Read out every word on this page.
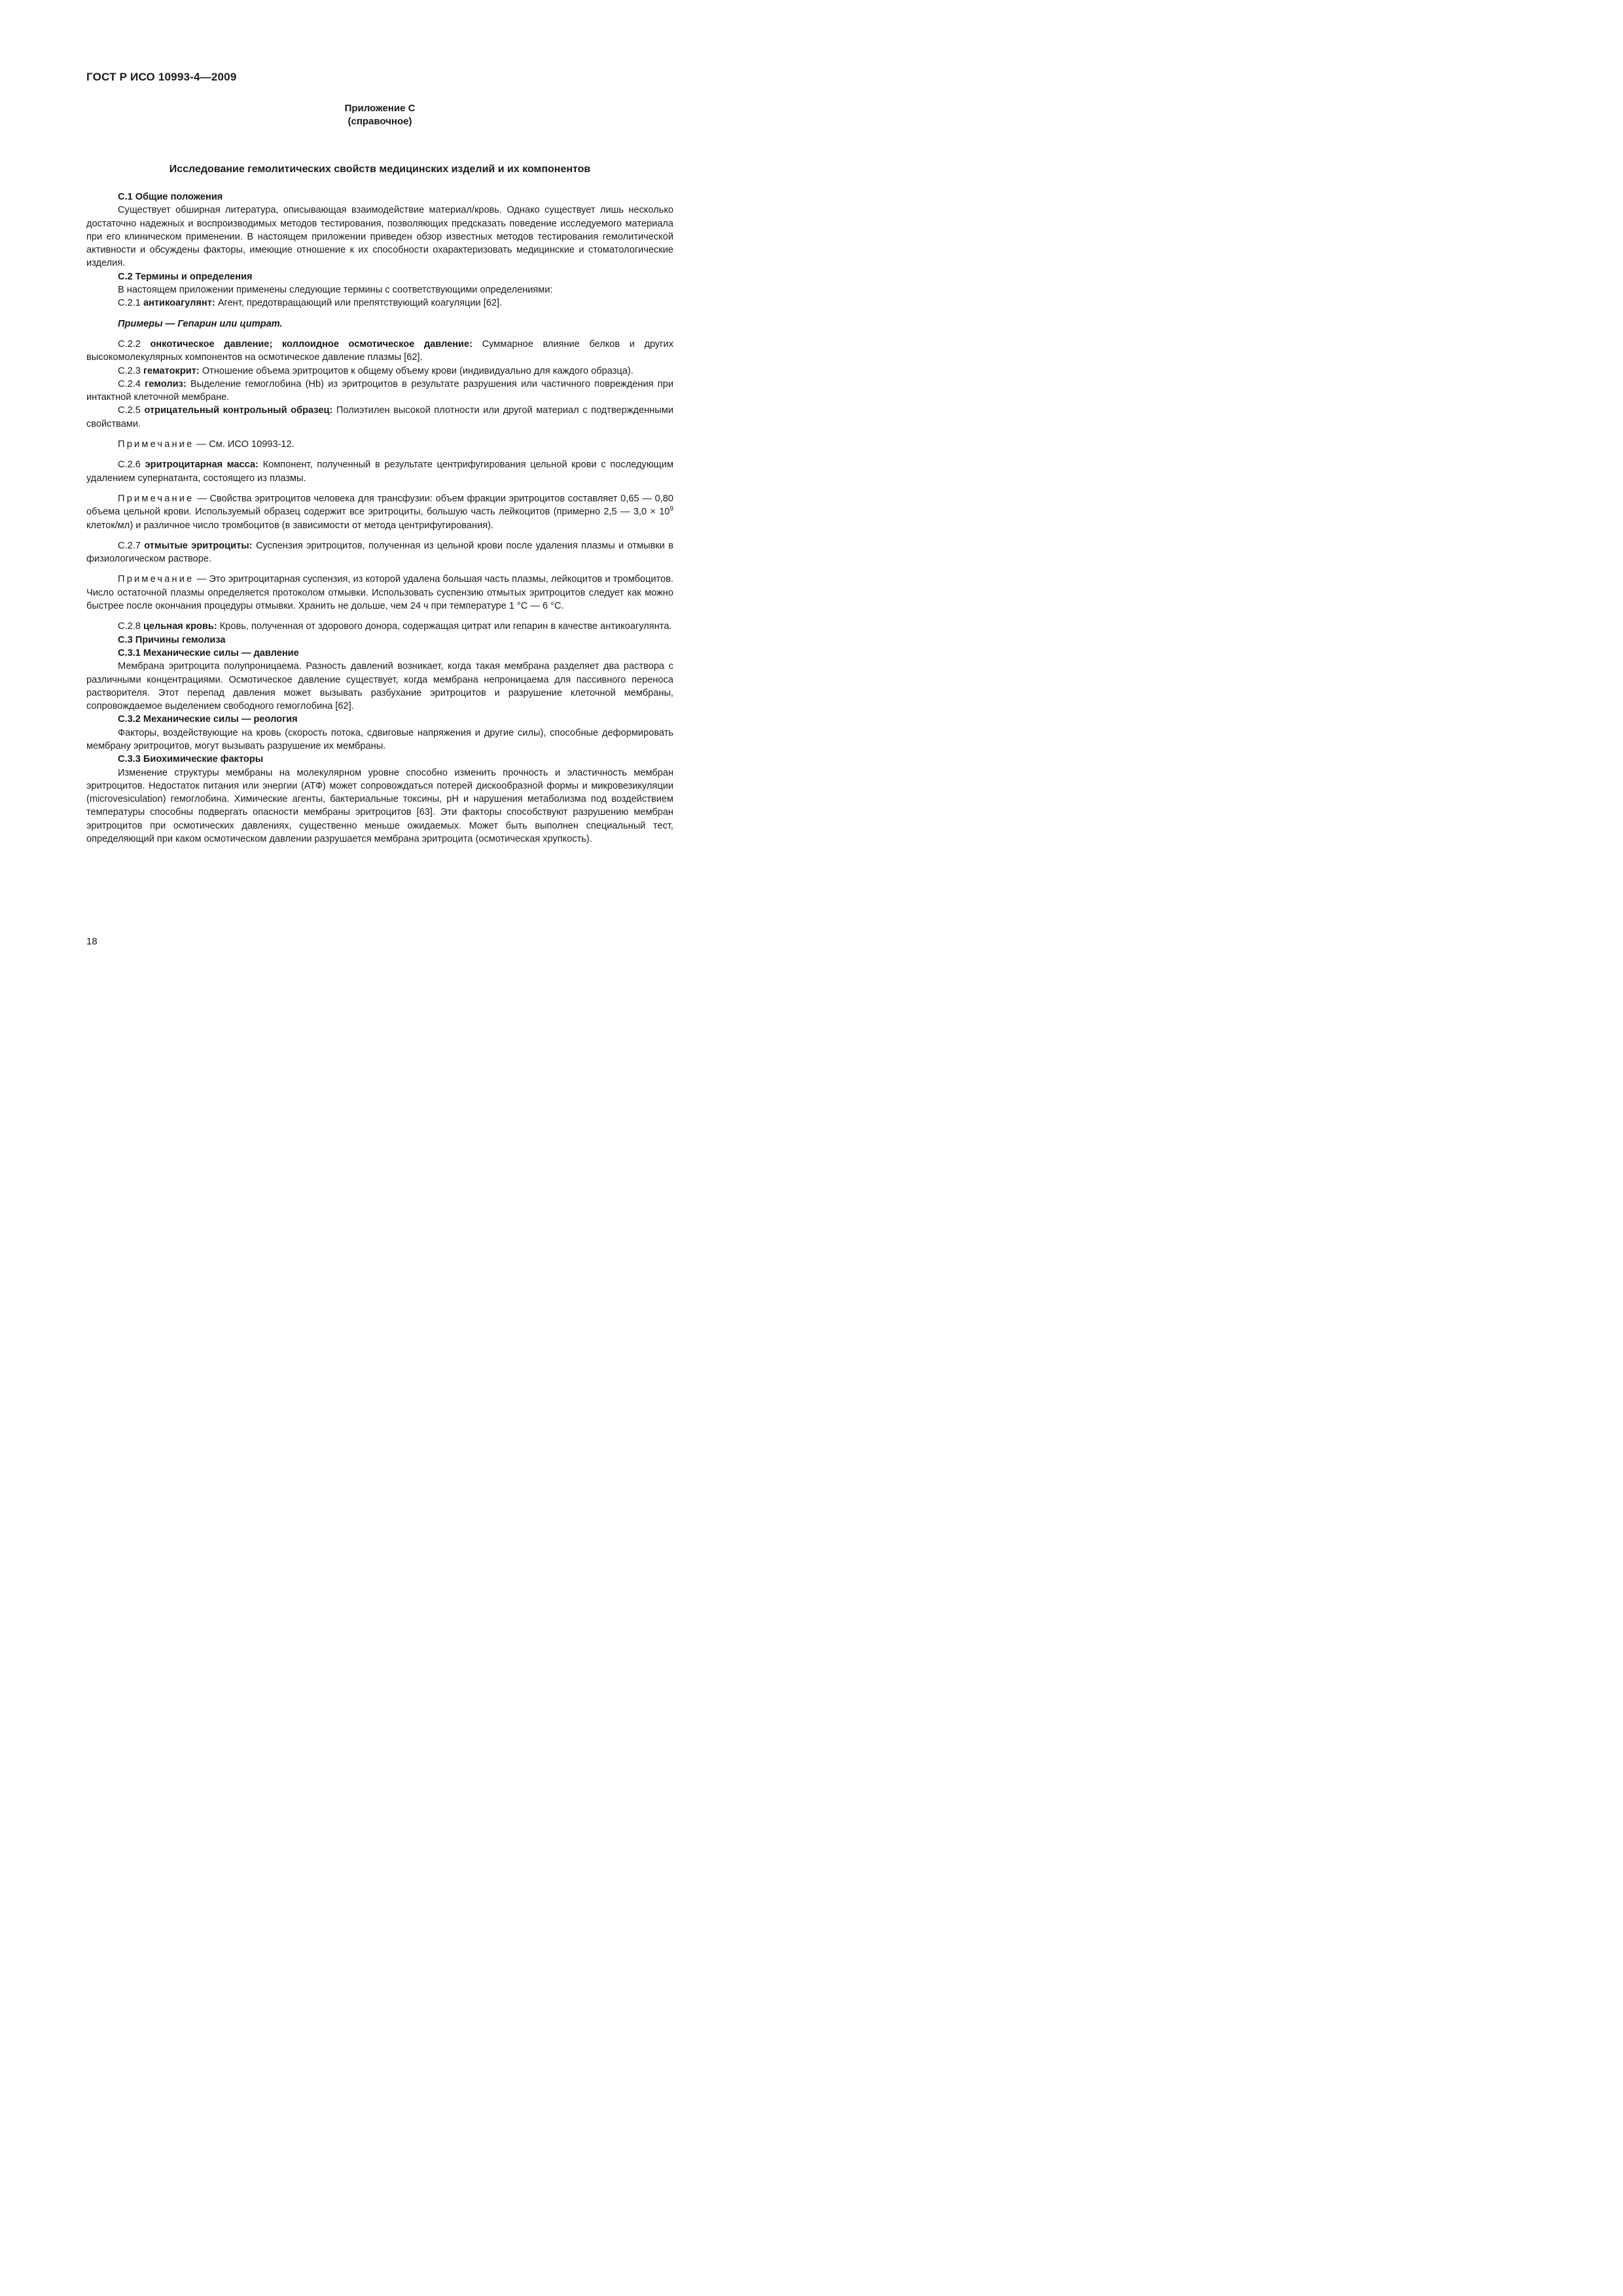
ГОСТ Р ИСО 10993-4—2009

Приложение С
(справочное)
Исследование гемолитических свойств медицинских изделий и их компонентов

С.1 Общие положения

Существует обширная литература, описывающая взаимодействие материал/кровь. Однако существует лишь несколько достаточно надежных и воспроизводимых методов тестирования, позволяющих предсказать поведение исследуемого материала при его клиническом применении. В настоящем приложении приведен обзор известных методов тестирования гемолитической активности и обсуждены факторы, имеющие отношение к их способности охарактеризовать медицинские и стоматологические изделия.

С.2 Термины и определения

В настоящем приложении применены следующие термины с соответствующими определениями:

С.2.1 антикоагулянт: Агент, предотвращающий или препятствующий коагуляции [62].

Примеры — Гепарин или цитрат.

С.2.2 онкотическое давление; коллоидное осмотическое давление: Суммарное влияние белков и других высокомолекулярных компонентов на осмотическое давление плазмы [62].

С.2.3 гематокрит: Отношение объема эритроцитов к общему объему крови (индивидуально для каждого образца).

С.2.4 гемолиз: Выделение гемоглобина (Hb) из эритроцитов в результате разрушения или частичного повреждения при интактной клеточной мембране.

С.2.5 отрицательный контрольный образец: Полиэтилен высокой плотности или другой материал с подтвержденными свойствами.

Примечание — См. ИСО 10993-12.

С.2.6 эритроцитарная масса: Компонент, полученный в результате центрифугирования цельной крови с последующим удалением супернатанта, состоящего из плазмы.

Примечание — Свойства эритроцитов человека для трансфузии: объем фракции эритроцитов составляет 0,65 — 0,80 объема цельной крови. Используемый образец содержит все эритроциты, большую часть лейкоцитов (примерно 2,5 — $3,0 \times 10^9$ клеток/мл) и различное число тромбоцитов (в зависимости от метода центрифугирования).

С.2.7 отмытые эритроциты: Суспензия эритроцитов, полученная из цельной крови после удаления плазмы и отмывки в физиологическом растворе.

Примечание — Это эритроцитарная суспензия, из которой удалена большая часть плазмы, лейкоцитов и тромбоцитов. Число остаточной плазмы определяется протоколом отмывки. Использовать суспензию отмытых эритроцитов следует как можно быстрее после окончания процедуры отмывки. Хранить не дольше, чем 24 ч при температуре 1 °С — 6 °С.

С.2.8 цельная кровь: Кровь, полученная от здорового донора, содержащая цитрат или гепарин в качестве антикоагулянта.

С.3 Причины гемолиза

С.3.1 Механические силы — давление

Мембрана эритроцита полупроницаема. Разность давлений возникает, когда такая мембрана разделяет два раствора с различными концентрациями. Осмотическое давление существует, когда мембрана непроницаема для пассивного переноса растворителя. Этот перепад давления может вызывать разбухание эритроцитов и разрушение клеточной мембраны, сопровождаемое выделением свободного гемоглобина [62].

С.3.2 Механические силы — реология

Факторы, воздействующие на кровь (скорость потока, сдвиговые напряжения и другие силы), способные деформировать мембрану эритроцитов, могут вызывать разрушение их мембраны.

С.3.3 Биохимические факторы

Изменение структуры мембраны на молекулярном уровне способно изменить прочность и эластичность мембран эритроцитов. Недостаток питания или энергии (АТФ) может сопровождаться потерей дискообразной формы и микровезикуляции (microvesiculation) гемоглобина. Химические агенты, бактериальные токсины, pH и нарушения метаболизма под воздействием температуры способны подвергать опасности мембраны эритроцитов [63]. Эти факторы способствуют разрушению мембран эритроцитов при осмотических давлениях, существенно меньше ожидаемых. Может быть выполнен специальный тест, определяющий при каком осмотическом давлении разрушается мембрана эритроцита (осмотическая хрупкость).

18
